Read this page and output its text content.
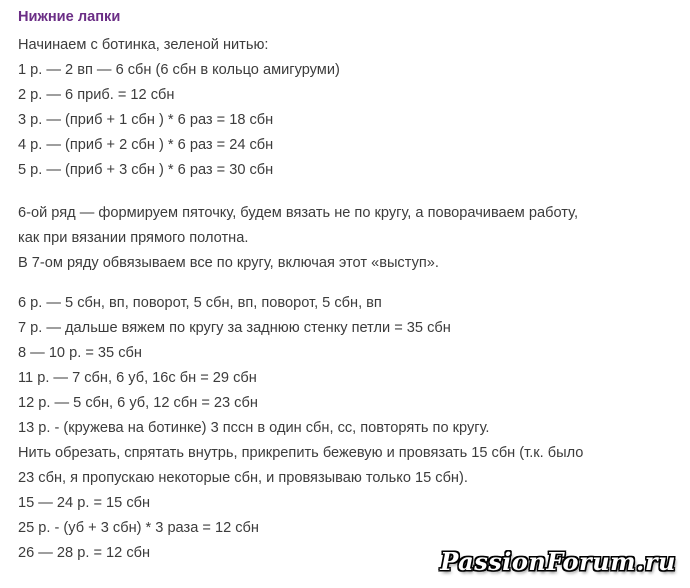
Нижние лапки
Начинаем с ботинка, зеленой нитью:
1 р. — 2 вп — 6 сбн (6 сбн в кольцо амигуруми)
2 р. — 6 приб. = 12 сбн
3 р. — (приб + 1 сбн ) * 6 раз = 18 сбн
4 р. — (приб + 2 сбн ) * 6 раз = 24 сбн
5 р. — (приб + 3 сбн ) * 6 раз = 30 сбн
6-ой ряд — формируем пяточку, будем вязать не по кругу, а поворачиваем работу,
как при вязании прямого полотна.
В 7-ом ряду обвязываем все по кругу, включая этот «выступ».
6 р. — 5 сбн, вп, поворот, 5 сбн, вп, поворот, 5 сбн, вп
7 р. — дальше вяжем по кругу за заднюю стенку петли = 35 сбн
8 — 10 р. = 35 сбн
11 р. — 7 сбн, 6 уб, 16с бн = 29 сбн
12 р. — 5 сбн, 6 уб, 12 сбн = 23 сбн
13 р. - (кружева на ботинке) 3 пссн в один сбн, сс, повторять по кругу.
Нить обрезать, спрятать внутрь, прикрепить бежевую и провязать 15 сбн (т.к. было
23 сбн, я пропускаю некоторые сбн, и провязываю только 15 сбн).
15 — 24 р. = 15 сбн
25 р. - (уб + 3 сбн) * 3 раза = 12 сбн
26 — 28 р. = 12 сбн	PassionForum.ru
